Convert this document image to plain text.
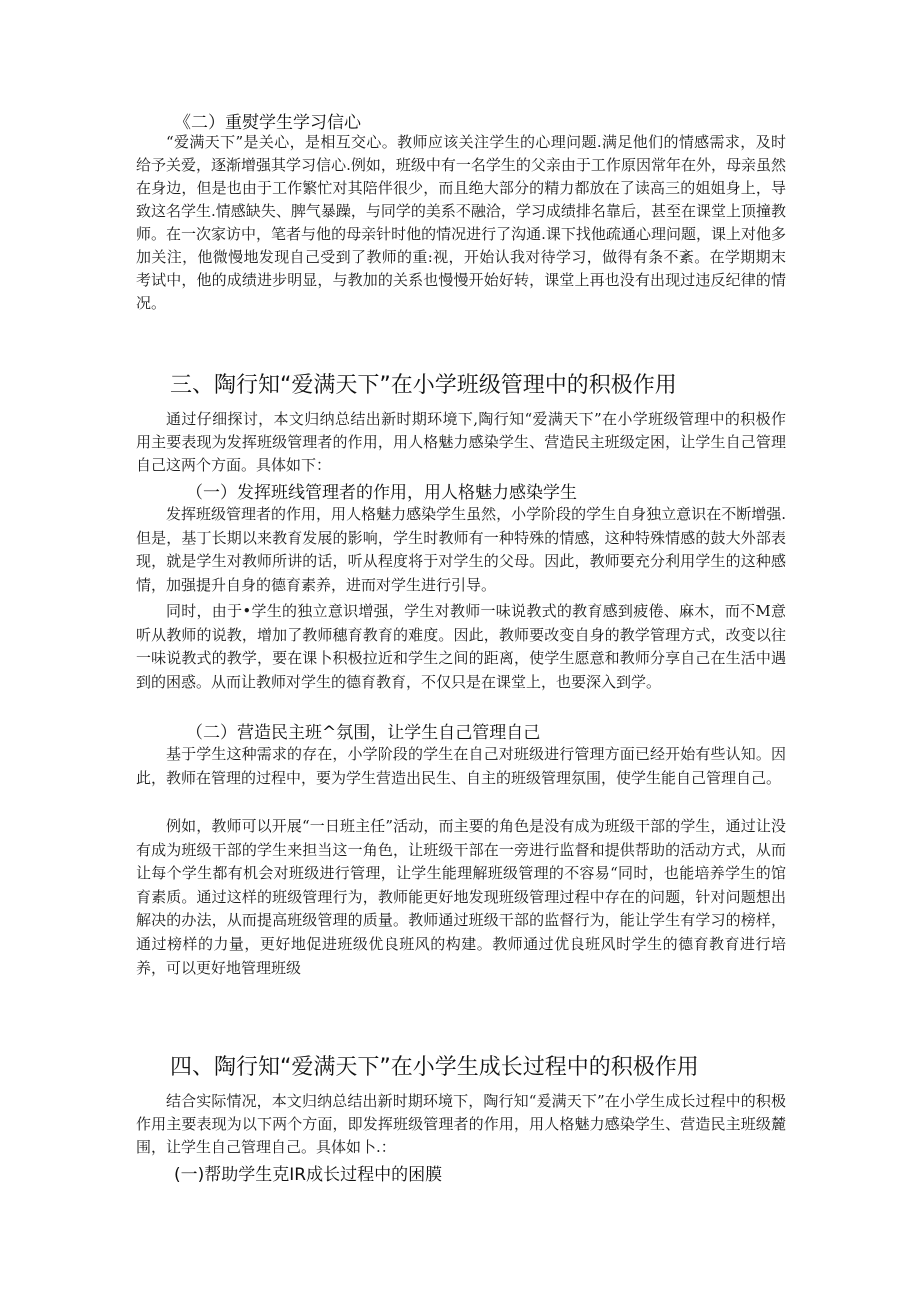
《二）重熨学生学习信心
“爱满天下”是关心，是相互交心。教师应该关注学生的心理问题.满足他们的情感需求，及时给予关爱，逐渐增强其学习信心.例如，班级中有一名学生的父亲由于工作原因常年在外，母亲虽然在身边，但是也由于工作繁忙对其陪伴很少，而且绝大部分的精力都放在了读高三的姐姐身上，导致这名学生.情感缺失、脾气暴躁，与同学的美系不融洽，学习成绩排名靠后，甚至在课堂上顶撞教师。在一次家访中，笔者与他的母亲针时他的情况进行了沟通.课下找他疏通心理问题，课上对他多加关注，他微慢地发现自己受到了教师的重:视，开始认我对待学习，做得有条不紊。在学期期末考试中，他的成绩进步明显，与教加的关系也慢慢开始好转，课堂上再也没有出现过违反纪律的情况。
三、陶行知“爱满天下”在小学班级管理中的积极作用
通过仔细探讨，本文归纳总结出新时期环境下,陶行知“爱满天下”在小学班级管理中的积极作用主要表现为发挥班级管理者的作用，用人格魅力感染学生、营造民主班级定困，让学生自己管理自己这两个方面。具体如下：
（一）发挥班线管理者的作用，用人格魅力感染学生
发挥班级管理者的作用，用人格魅力感染学生虽然，小学阶段的学生自身独立意识在不断增强.但是，基丁长期以来教育发展的影响，学生时教师有一种特殊的情感，这种特殊情感的鼓大外部表现，就是学生对教师所讲的话，听从程度将于对学生的父母。因此，教师要充分利用学生的这种感情，加强提升自身的德育素养，进而对学生进行引导。
同时，由于•学生的独立意识增强，学生对教师一味说教式的教育感到疲倦、麻木，而不M意听从教师的说教，增加了教师穗育教育的难度。因此，教师要改变自身的教学管理方式，改变以往一味说教式的教学，要在课卜积极拉近和学生之间的距离，使学生愿意和教师分享自己在生活中遇到的困惑。从而让教师对学生的德育教育，不仅只是在课堂上，也要深入到学。
（二）营造民主班^氛围，让学生自己管理自己
基于学生这种需求的存在，小学阶段的学生在自己对班级进行管理方面已经开始有些认知。因此，教师在管理的过程中，要为学生营造出民生、自主的班级管理氛围，使学生能自己管理自己。
例如，教师可以开展“一日班主任”活动，而主要的角色是没有成为班级干部的学生，通过让没有成为班级干部的学生来担当这一角色，让班级干部在一旁进行监督和提供帮助的活动方式，从而让每个学生都有机会对班级进行管理，让学生能理解班级管理的不容易“同时，也能培养学生的馆育素质。通过这样的班级管理行为，教师能更好地发现班级管理过程中存在的问题，针对问题想出解决的办法，从而提高班级管理的质量。教师通过班级干部的监督行为，能让学生有学习的榜样，通过榜样的力量，更好地促进班级优良班风的构建。教师通过优良班风时学生的德育教育进行培养，可以更好地管理班级
四、陶行知“爱满天下”在小学生成长过程中的积极作用
结合实际情况，本文归纳总结出新时期环境下，陶行知“爰满天下”在小学生成长过程中的积极作用主要表现为以下两个方面，即发挥班级管理者的作用，用人格魅力感染学生、营造民主班级麓围，让学生自己管理自己。具体如卜.：
(一)帮助学生克IR成长过程中的困膜
